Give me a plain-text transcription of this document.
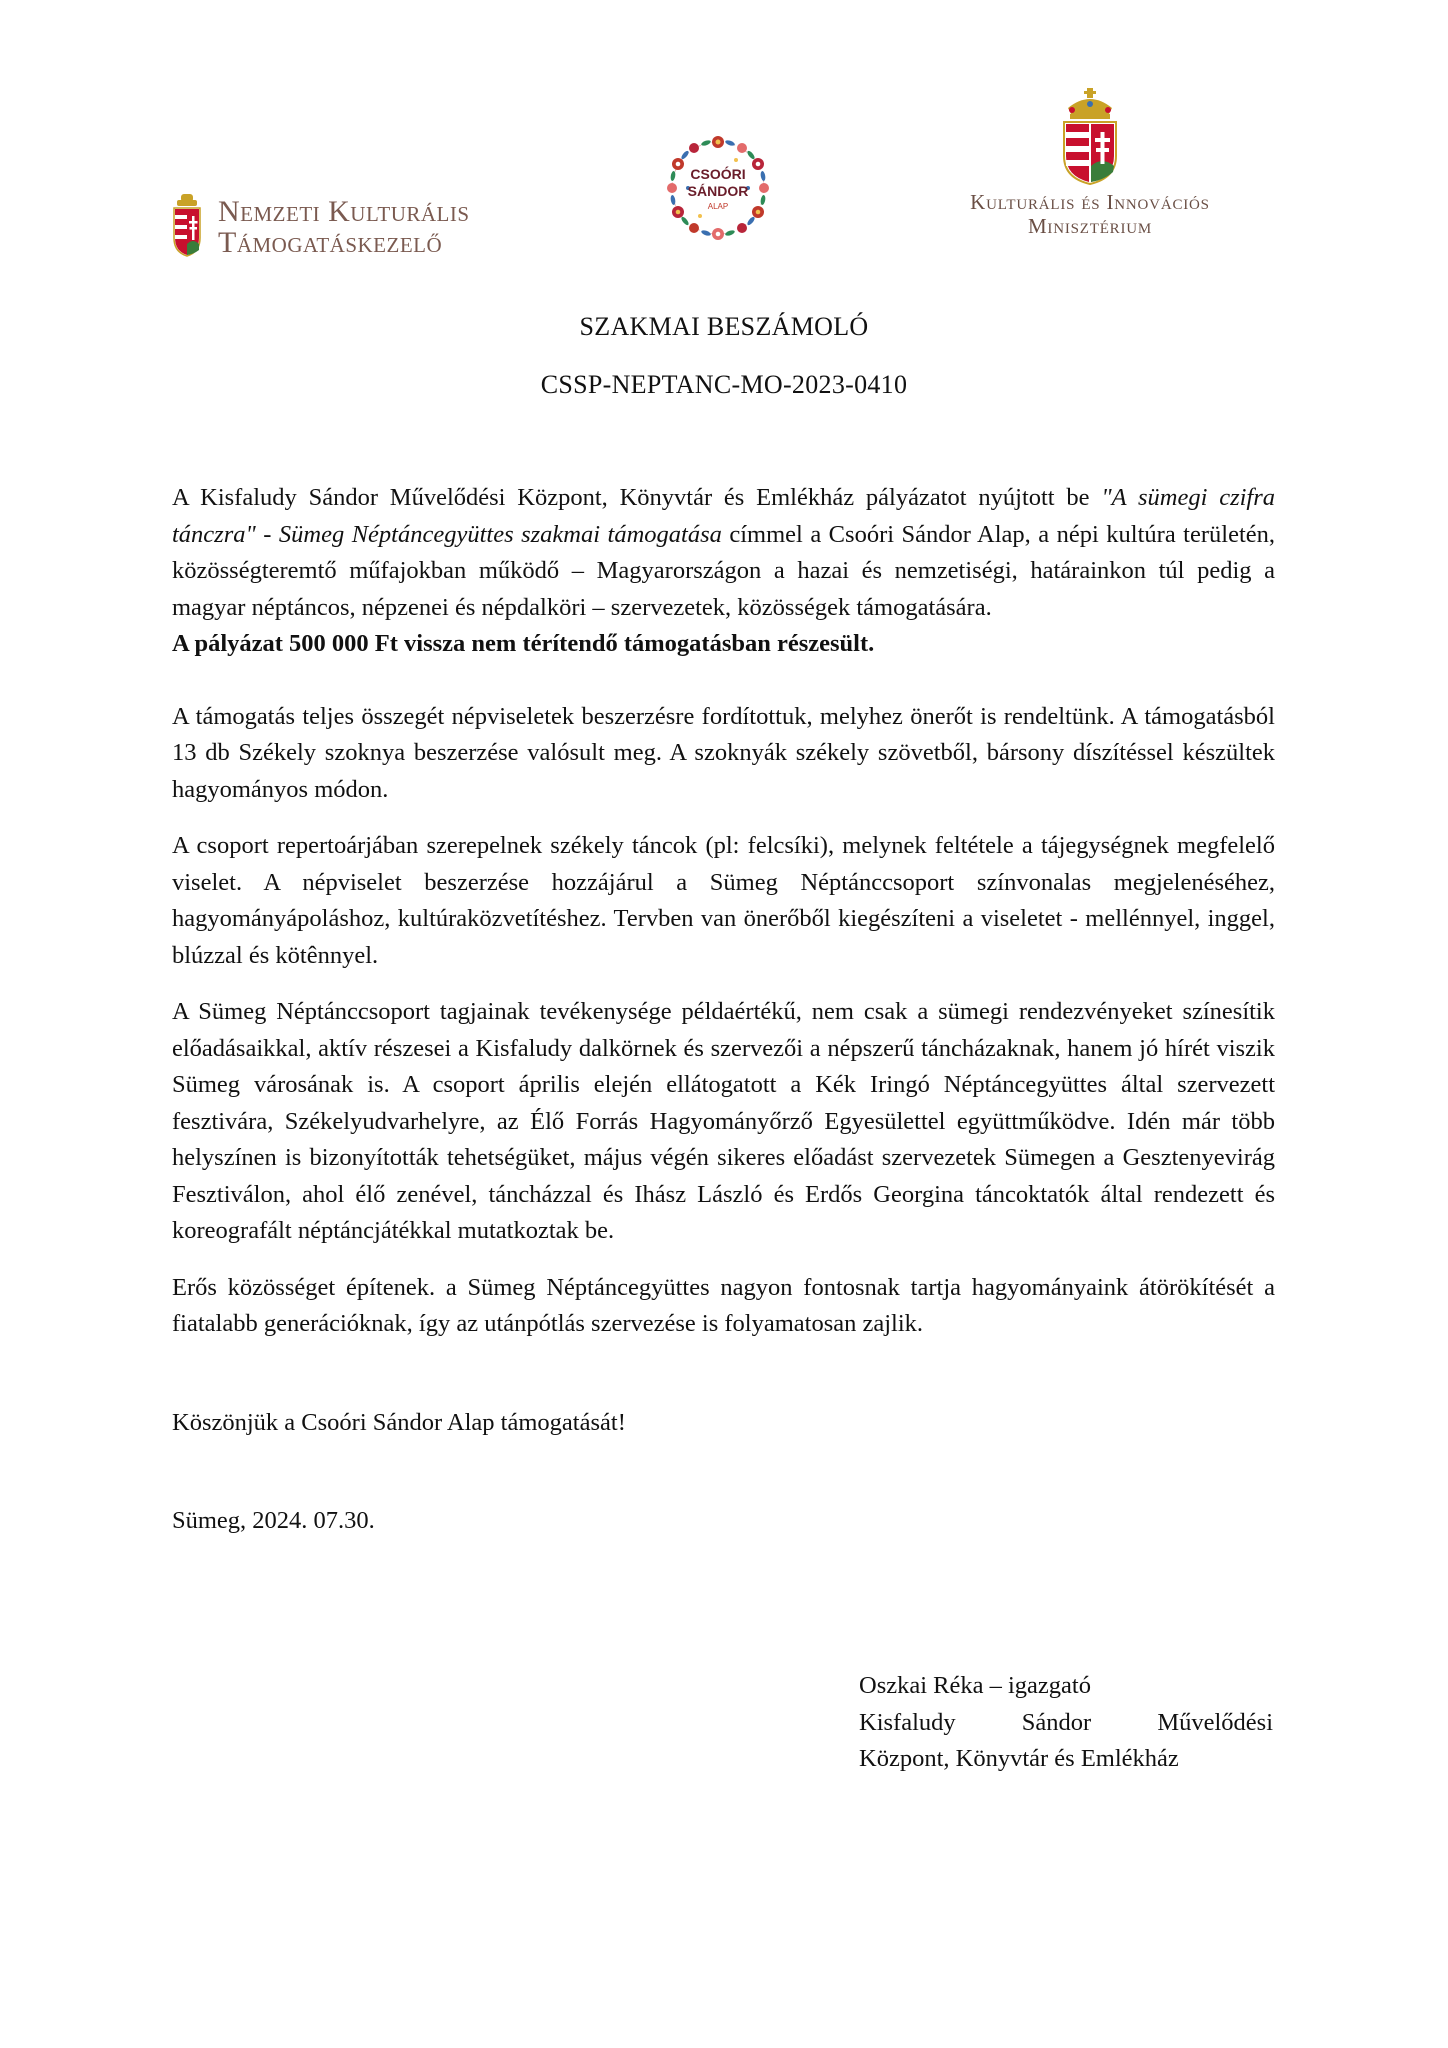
Nemzeti Kulturális
Támogatáskezelő
CSOÓRI
SÁNDOR
ALAP	Kulturális és Innovációs
Minisztérium
SZAKMAI BESZÁMOLÓ
CSSP-NEPTANC-MO-2023-0410

A Kisfaludy Sándor Művelődési Központ, Könyvtár és Emlékház pályázatot nyújtott be "A sümegi czifra tánczra" - Sümeg Néptáncegyüttes szakmai támogatása címmel a Csoóri Sándor Alap, a népi kultúra területén, közösségteremtő műfajokban működő – Magyarországon a hazai és nemzetiségi, határainkon túl pedig a magyar néptáncos, népzenei és népdalköri – szervezetek, közösségek támogatására.

A pályázat 500 000 Ft vissza nem térítendő támogatásban részesült.

A támogatás teljes összegét népviseletek beszerzésre fordítottuk, melyhez önerőt is rendeltünk. A támogatásból 13 db Székely szoknya beszerzése valósult meg. A szoknyák székely szövetből, bársony díszítéssel készültek hagyományos módon.

A csoport repertoárjában szerepelnek székely táncok (pl: felcsíki), melynek feltétele a tájegységnek megfelelő viselet. A népviselet beszerzése hozzájárul a Sümeg Néptánccsoport színvonalas megjelenéséhez, hagyományápoláshoz, kultúraközvetítéshez. Tervben van önerőből kiegészíteni a viseletet - mellénnyel, inggel, blúzzal és kötênnyel.

A Sümeg Néptánccsoport tagjainak tevékenysége példaértékű, nem csak a sümegi rendezvényeket színesítik előadásaikkal, aktív részesei a Kisfaludy dalkörnek és szervezői a népszerű táncházaknak, hanem jó hírét viszik Sümeg városának is. A csoport április elején ellátogatott a Kék Iringó Néptáncegyüttes által szervezett fesztivára, Székelyudvarhelyre, az Élő Forrás Hagyományőrző Egyesülettel együttműködve. Idén már több helyszínen is bizonyították tehetségüket, május végén sikeres előadást szervezetek Sümegen a Gesztenyevirág Fesztiválon, ahol élő zenével, táncházzal és Ihász László és Erdős Georgina táncoktatók által rendezett és koreografált néptáncjátékkal mutatkoztak be.

Erős közösséget építenek. a Sümeg Néptáncegyüttes nagyon fontosnak tartja hagyományaink átörökítését a fiatalabb generációknak, így az utánpótlás szervezése is folyamatosan zajlik.

Köszönjük a Csoóri Sándor Alap támogatását!

Sümeg, 2024. 07.30.

Oszkai Réka – igazgató

Kisfaludy Sándor Művelődési

Központ, Könyvtár és Emlékház
